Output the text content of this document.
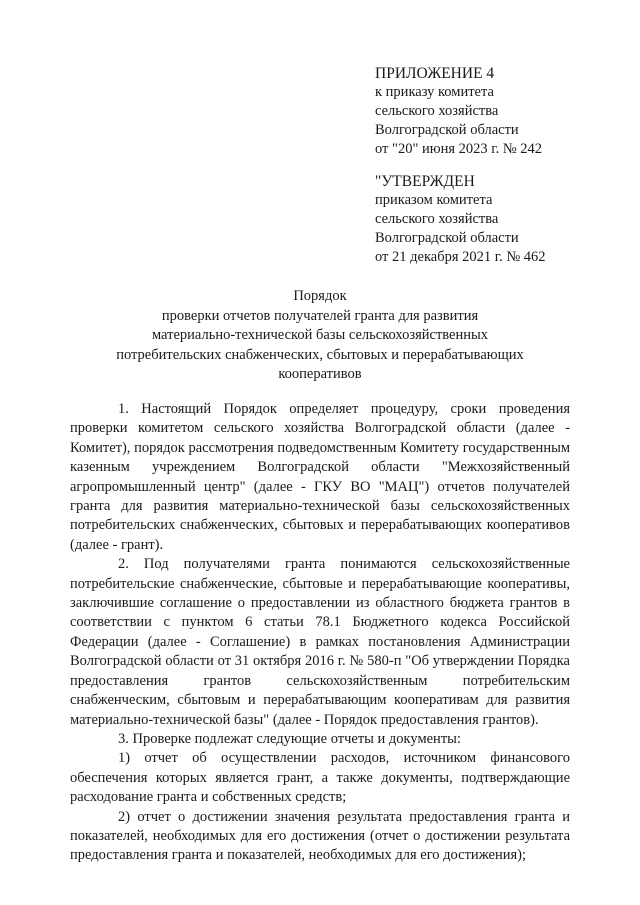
ПРИЛОЖЕНИЕ 4
к приказу комитета
сельского хозяйства
Волгоградской области
от "20" июня 2023 г. № 242
"УТВЕРЖДЕН
приказом комитета
сельского хозяйства
Волгоградской области
от 21 декабря 2021 г. № 462
Порядок
проверки отчетов получателей гранта для развития
материально-технической базы сельскохозяйственных
потребительских снабженческих, сбытовых и перерабатывающих
кооперативов

1. Настоящий Порядок определяет процедуру, сроки проведения проверки комитетом сельского хозяйства Волгоградской области (далее - Комитет), порядок рассмотрения подведомственным Комитету государственным казенным учреждением Волгоградской области "Межхозяйственный агропромышленный центр" (далее - ГКУ ВО "МАЦ") отчетов получателей гранта для развития материально-технической базы сельскохозяйственных потребительских снабженческих, сбытовых и перерабатывающих кооперативов (далее - грант).

2. Под получателями гранта понимаются сельскохозяйственные потребительские снабженческие, сбытовые и перерабатывающие кооперативы, заключившие соглашение о предоставлении из областного бюджета грантов в соответствии с пунктом 6 статьи 78.1 Бюджетного кодекса Российской Федерации (далее - Соглашение) в рамках постановления Администрации Волгоградской области от 31 октября 2016 г. № 580-п "Об утверждении Порядка предоставления грантов сельскохозяйственным потребительским снабженческим, сбытовым и перерабатывающим кооперативам для развития материально-технической базы" (далее - Порядок предоставления грантов).

3. Проверке подлежат следующие отчеты и документы:

1) отчет об осуществлении расходов, источником финансового обеспечения которых является грант, а также документы, подтверждающие расходование гранта и собственных средств;

2) отчет о достижении значения результата предоставления гранта и показателей, необходимых для его достижения (отчет о достижении результата предоставления гранта и показателей, необходимых для его достижения);
